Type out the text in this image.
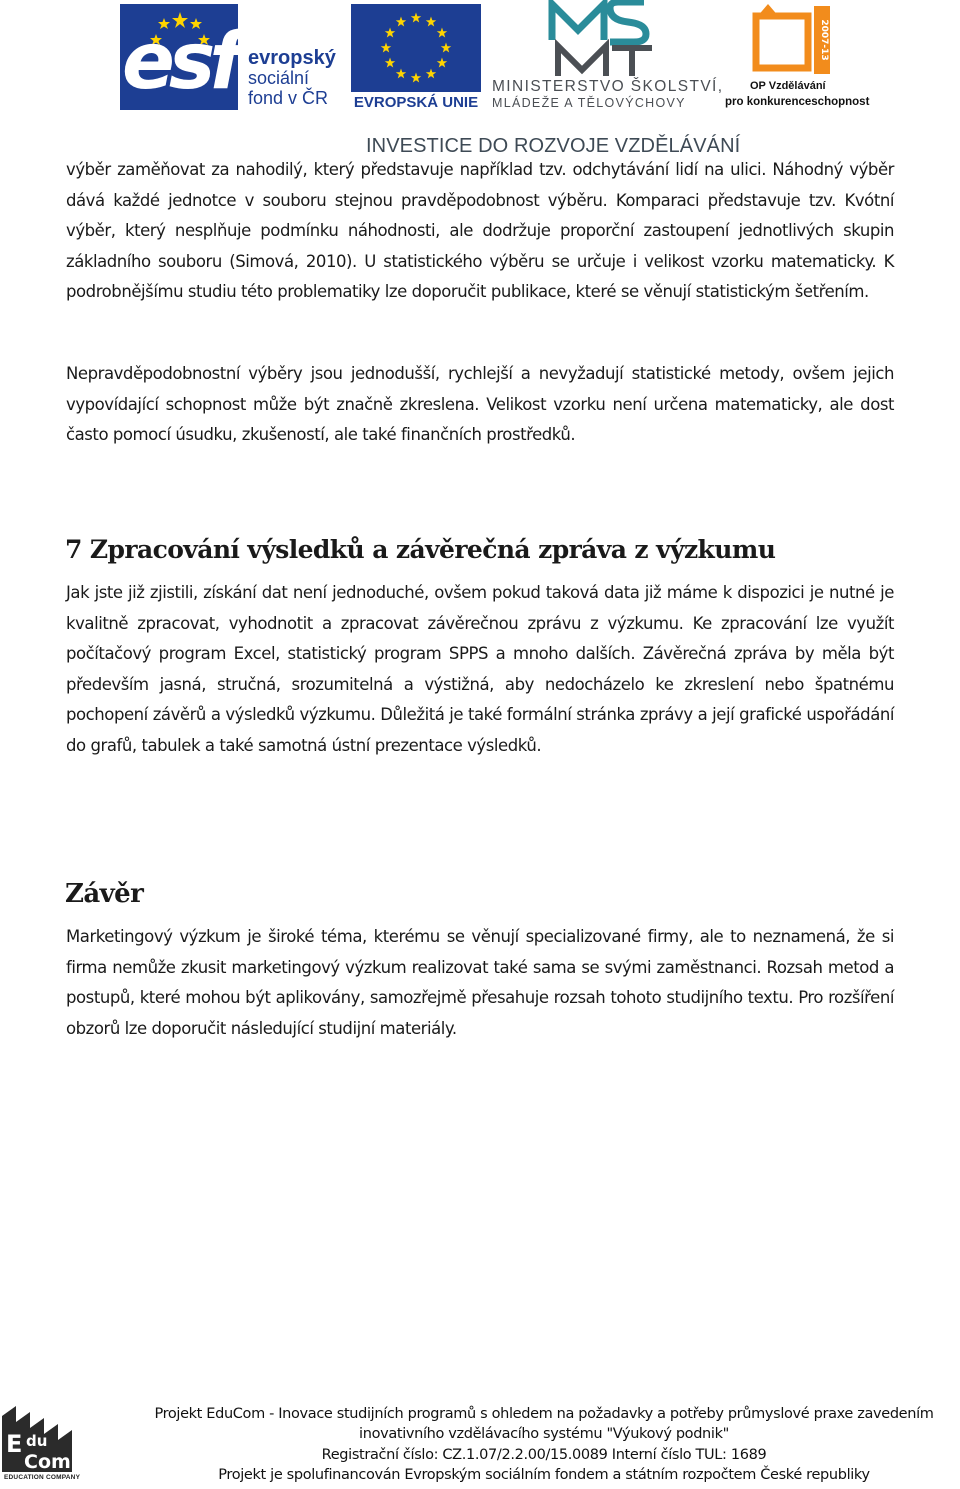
esf evropský
sociální
fond v ČR	EVROPSKÁ UNIE
MINISTERSTVO ŠKOLSTVÍ,
MLÁDEŽE A TĚLOVÝCHOVY
2007-13
OP Vzdělávání
pro konkurenceschopnost
INVESTICE DO ROZVOJE VZDĚLÁVÁNÍ

výběr zaměňovat za nahodilý, který představuje například tzv. odchytávání lidí na ulici. Náhodný výběr dává každé jednotce v souboru stejnou pravděpodobnost výběru. Komparaci představuje tzv. Kvótní výběr, který nesplňuje podmínku náhodnosti, ale dodržuje proporční zastoupení jednotlivých skupin základního souboru (Simová, 2010). U statistického výběru se určuje i velikost vzorku matematicky. K podrobnějšímu studiu této problematiky lze doporučit publikace, které se věnují statistickým šetřením.

Nepravděpodobnostní výběry jsou jednodušší, rychlejší a nevyžadují statistické metody, ovšem jejich vypovídající schopnost může být značně zkreslena. Velikost vzorku není určena matematicky, ale dost často pomocí úsudku, zkušeností, ale také finančních prostředků.

7 Zpracování výsledků a závěrečná zpráva z výzkumu

Jak jste již zjistili, získání dat není jednoduché, ovšem pokud taková data již máme k dispozici je nutné je kvalitně zpracovat, vyhodnotit a zpracovat závěrečnou zprávu z výzkumu. Ke zpracování lze využít počítačový program Excel, statistický program SPPS a mnoho dalších. Závěrečná zpráva by měla být především jasná, stručná, srozumitelná a výstižná, aby nedocházelo ke zkreslení nebo špatnému pochopení závěrů a výsledků výzkumu. Důležitá je také formální stránka zprávy a její grafické uspořádání do grafů, tabulek a také samotná ústní prezentace výsledků.

Závěr

Marketingový výzkum je široké téma, kterému se věnují specializované firmy, ale to neznamená, že si firma nemůže zkusit marketingový výzkum realizovat také sama se svými zaměstnanci. Rozsah metod a postupů, které mohou být aplikovány, samozřejmě přesahuje rozsah tohoto studijního textu. Pro rozšíření obzorů lze doporučit následující studijní materiály.

E du
Com
EDUCATION COMPANY
Projekt EduCom - Inovace studijních programů s ohledem na požadavky a potřeby průmyslové praxe zavedením
inovativního vzdělávacího systému "Výukový podnik"
Registrační číslo: CZ.1.07/2.2.00/15.0089 Interní číslo TUL: 1689
Projekt je spolufinancován Evropským sociálním fondem a státním rozpočtem České republiky
